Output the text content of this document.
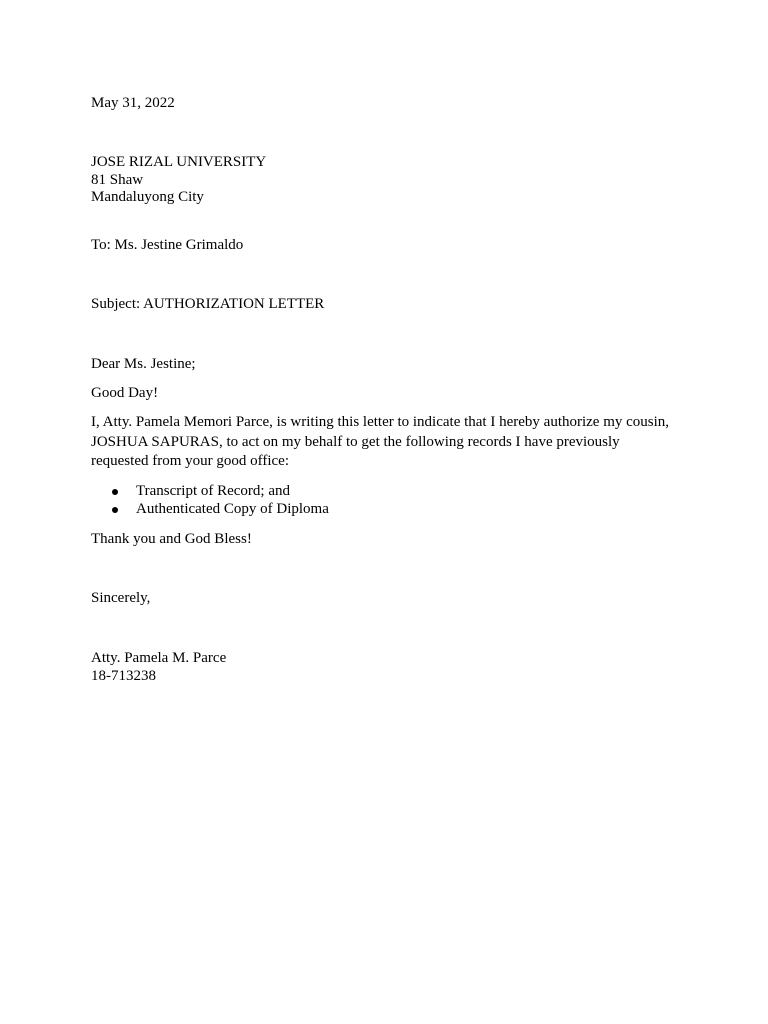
May 31, 2022
JOSE RIZAL UNIVERSITY
81 Shaw
Mandaluyong City
To: Ms. Jestine Grimaldo
Subject: AUTHORIZATION LETTER
Dear Ms. Jestine;
Good Day!
I, Atty. Pamela Memori Parce, is writing this letter to indicate that I hereby authorize my cousin,
JOSHUA SAPURAS, to act on my behalf to get the following records I have previously
requested from your good office:
Transcript of Record; and
Authenticated Copy of Diploma
Thank you and God Bless!
Sincerely,
Atty. Pamela M. Parce
18-713238
